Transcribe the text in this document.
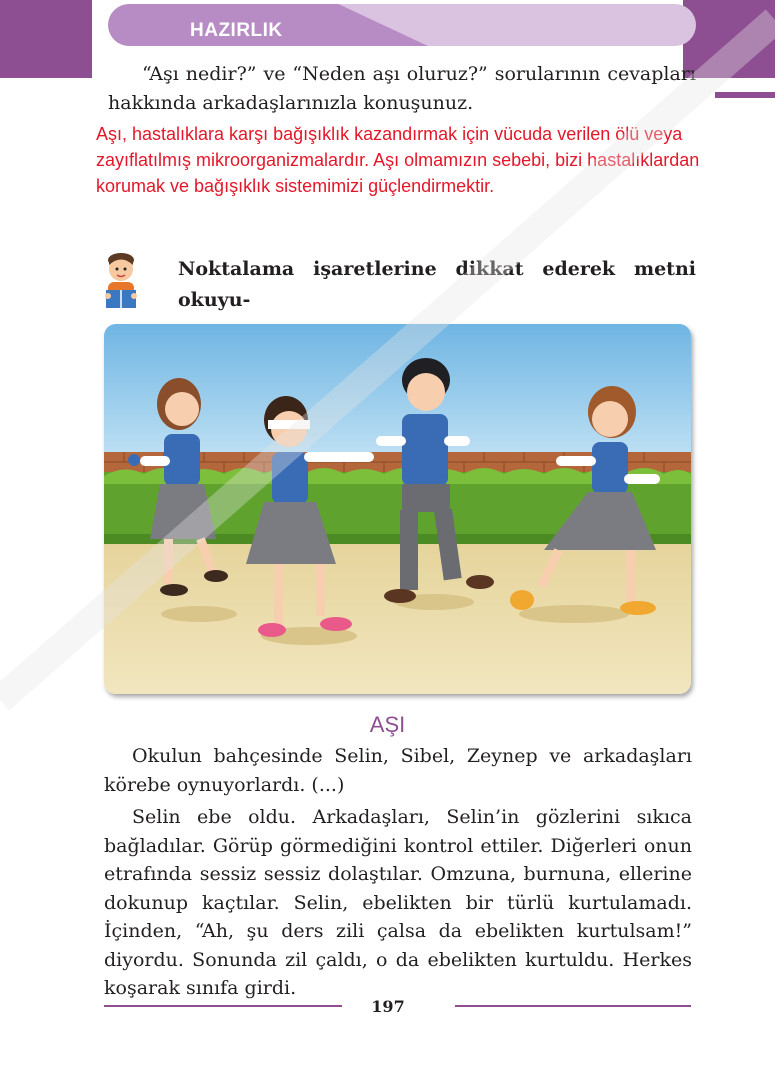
HAZIRLIK
“Aşı nedir?” ve “Neden aşı oluruz?” sorularının cevapları
hakkında arkadaşlarınızla konuşunuz.
Aşı, hastalıklara karşı bağışıklık kazandırmak için vücuda verilen ölü veya zayıflatılmış mikroorganizmalardır. Aşı olmamızın sebebi, bizi hastalıklardan korumak ve bağışıklık sistemimizi güçlendirmektir.
Noktalama işaretlerine dikkat ederek metni okuyu-
AŞI

Okulun bahçesinde Selin, Sibel, Zeynep ve arkadaşları körebe oynuyorlardı. (...)

Selin ebe oldu. Arkadaşları, Selin’in gözlerini sıkıca bağladılar. Görüp görmediğini kontrol ettiler. Diğerleri onun etrafında sessiz sessiz dolaştılar. Omzuna, burnuna, ellerine dokunup kaçtılar. Selin, ebelikten bir türlü kurtulamadı. İçinden, “Ah, şu ders zili çalsa da ebelikten kurtulsam!” diyordu. Sonunda zil çaldı, o da ebelikten kurtuldu. Herkes koşarak sınıfa girdi.

197
